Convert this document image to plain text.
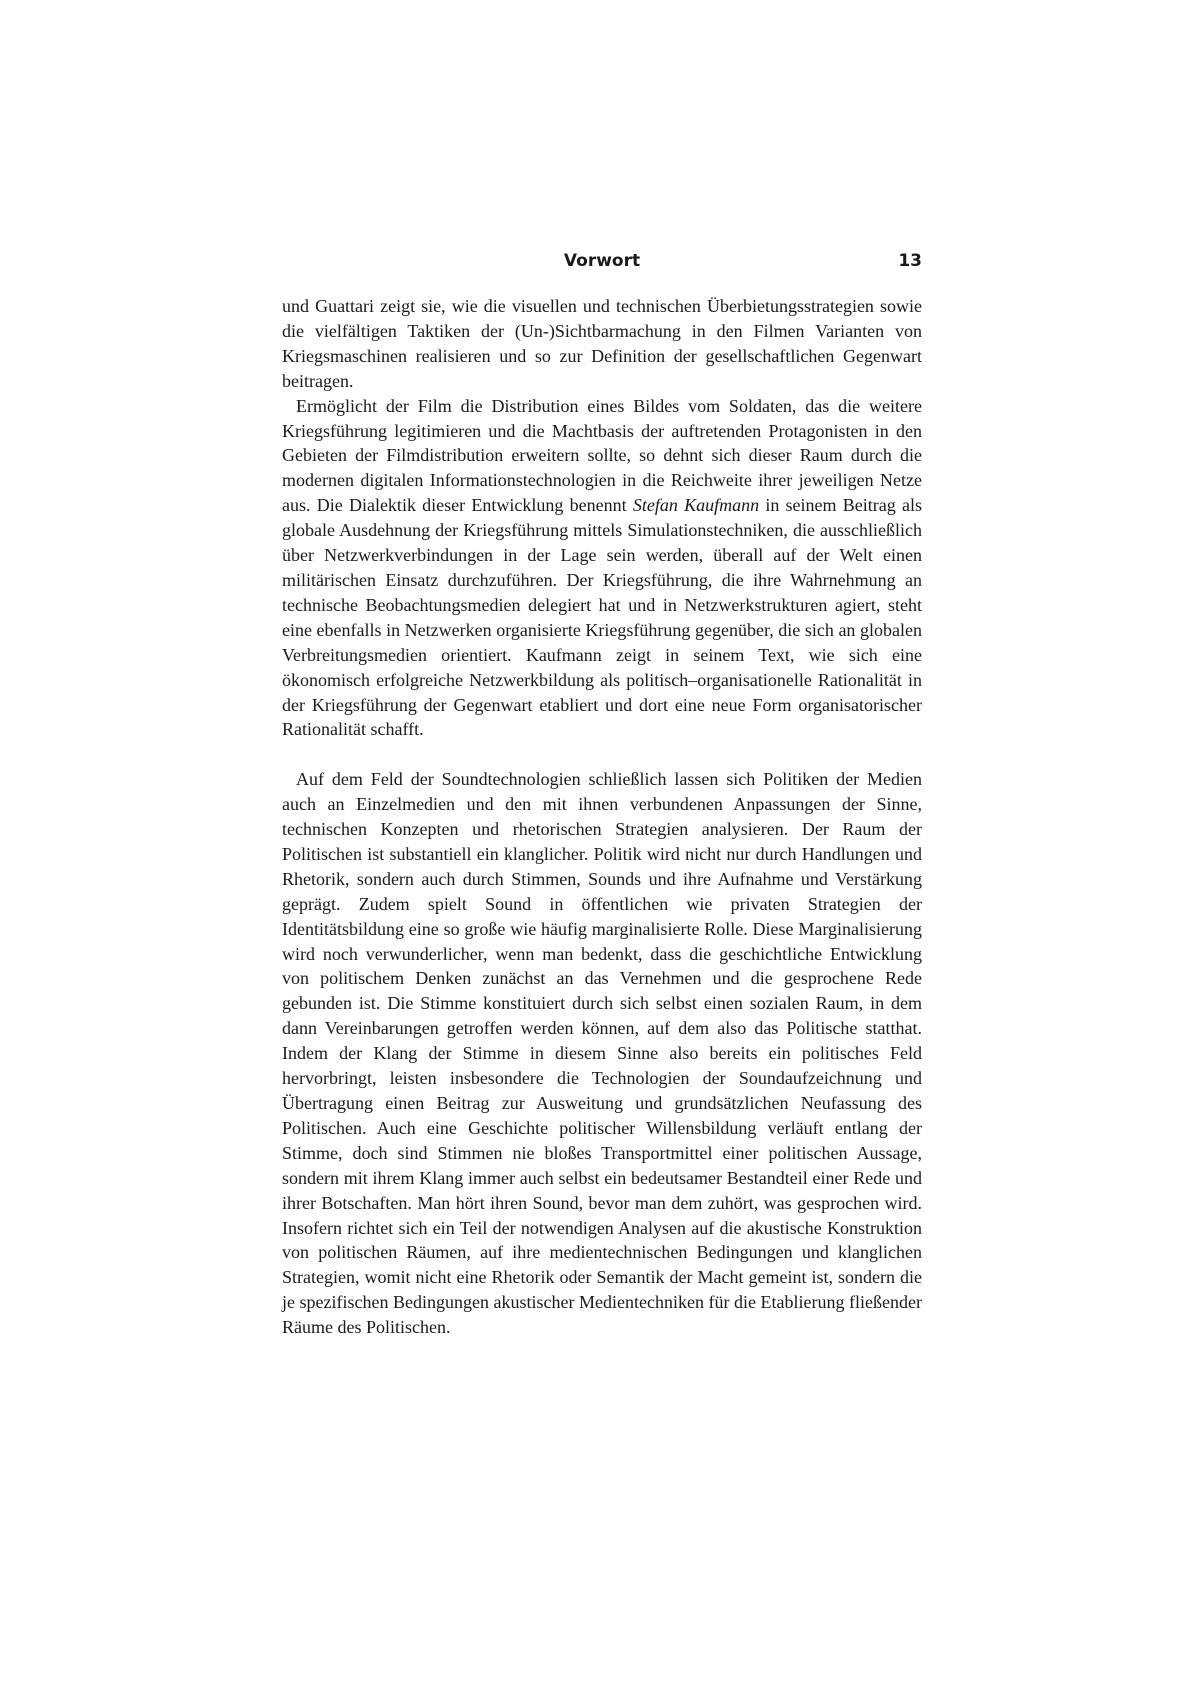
Vorwort	13

und Guattari zeigt sie, wie die visuellen und technischen Überbietungsstrategien sowie die vielfältigen Taktiken der (Un-)Sichtbarmachung in den Filmen Varianten von Kriegsmaschinen realisieren und so zur Definition der gesellschaftlichen Gegenwart beitragen.

Ermöglicht der Film die Distribution eines Bildes vom Soldaten, das die weitere Kriegsführung legitimieren und die Machtbasis der auftretenden Protagonisten in den Gebieten der Filmdistribution erweitern sollte, so dehnt sich dieser Raum durch die modernen digitalen Informationstechnologien in die Reichweite ihrer jeweiligen Netze aus. Die Dialektik dieser Entwicklung benennt Stefan Kaufmann in seinem Beitrag als globale Ausdehnung der Kriegsführung mittels Simulationstechniken, die ausschließlich über Netzwerkverbindungen in der Lage sein werden, überall auf der Welt einen militärischen Einsatz durchzuführen. Der Kriegsführung, die ihre Wahrnehmung an technische Beobachtungsmedien delegiert hat und in Netzwerkstrukturen agiert, steht eine ebenfalls in Netzwerken organisierte Kriegsführung gegenüber, die sich an globalen Verbreitungsmedien orientiert. Kaufmann zeigt in seinem Text, wie sich eine ökonomisch erfolgreiche Netzwerkbildung als politisch–organisationelle Rationalität in der Kriegsführung der Gegenwart etabliert und dort eine neue Form organisatorischer Rationalität schafft.

Auf dem Feld der Soundtechnologien schließlich lassen sich Politiken der Medien auch an Einzelmedien und den mit ihnen verbundenen Anpassungen der Sinne, technischen Konzepten und rhetorischen Strategien analysieren. Der Raum der Politischen ist substantiell ein klanglicher. Politik wird nicht nur durch Handlungen und Rhetorik, sondern auch durch Stimmen, Sounds und ihre Aufnahme und Verstärkung geprägt. Zudem spielt Sound in öffentlichen wie privaten Strategien der Identitätsbildung eine so große wie häufig marginalisierte Rolle. Diese Marginalisierung wird noch verwunderlicher, wenn man bedenkt, dass die geschichtliche Entwicklung von politischem Denken zunächst an das Vernehmen und die gesprochene Rede gebunden ist. Die Stimme konstituiert durch sich selbst einen sozialen Raum, in dem dann Vereinbarungen getroffen werden können, auf dem also das Politische statthat. Indem der Klang der Stimme in diesem Sinne also bereits ein politisches Feld hervorbringt, leisten insbesondere die Technologien der Soundaufzeichnung und Übertragung einen Beitrag zur Ausweitung und grundsätzlichen Neufassung des Politischen. Auch eine Geschichte politischer Willensbildung verläuft entlang der Stimme, doch sind Stimmen nie bloßes Transportmittel einer politischen Aussage, sondern mit ihrem Klang immer auch selbst ein bedeutsamer Bestandteil einer Rede und ihrer Botschaften. Man hört ihren Sound, bevor man dem zuhört, was gesprochen wird. Insofern richtet sich ein Teil der notwendigen Analysen auf die akustische Konstruktion von politischen Räumen, auf ihre medientechnischen Bedingungen und klanglichen Strategien, womit nicht eine Rhetorik oder Semantik der Macht gemeint ist, sondern die je spezifischen Bedingungen akustischer Medientechniken für die Etablierung fließender Räume des Politischen.
